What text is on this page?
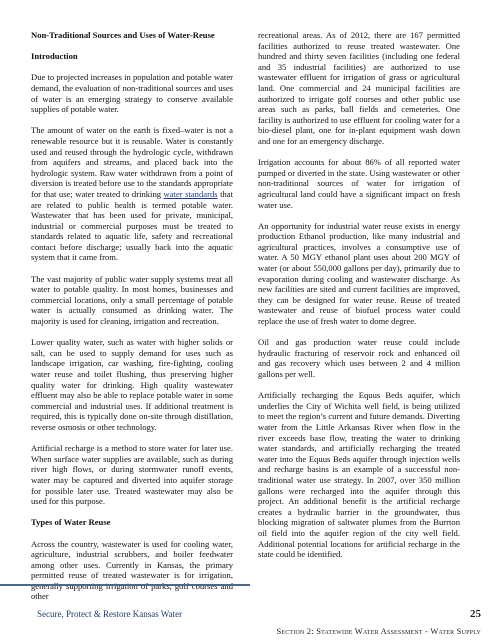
Non-Traditional Sources and Uses of Water-Reuse
Introduction

Due to projected increases in population and potable water demand, the evaluation of non-traditional sources and uses of water is an emerging strategy to conserve available supplies of potable water.

The amount of water on the earth is fixed–water is not a renewable resource but it is reusable. Water is constantly used and reused through the hydrologic cycle, withdrawn from aquifers and streams, and placed back into the hydrologic system. Raw water withdrawn from a point of diversion is treated before use to the standards appropriate for that use; water treated to drinking water standards that are related to public health is termed potable water. Wastewater that has been used for private, municipal, industrial or commercial purposes must be treated to standards related to aquatic life, safety and recreational contact before discharge; usually back into the aquatic system that it came from.

The vast majority of public water supply systems treat all water to potable quality. In most homes, businesses and commercial locations, only a small percentage of potable water is actually consumed as drinking water. The majority is used for cleaning, irrigation and recreation.

Lower quality water, such as water with higher solids or salt, can be used to supply demand for uses such as landscape irrigation, car washing, fire-fighting, cooling water reuse and toilet flushing, thus preserving higher quality water for drinking. High quality wastewater effluent may also be able to replace potable water in some commercial and industrial uses. If additional treatment is required, this is typically done on-site through distillation, reverse osmosis or other technology.

Artificial recharge is a method to store water for later use. When surface water supplies are available, such as during river high flows, or during stormwater runoff events, water may be captured and diverted into aquifer storage for possible later use. Treated wastewater may also be used for this purpose.

Types of Water Reuse

Across the country, wastewater is used for cooling water, agriculture, industrial scrubbers, and boiler feedwater among other uses. Currently in Kansas, the primary permitted reuse of treated wastewater is for irrigation, generally supporting irrigation of parks, golf courses and other

recreational areas. As of 2012, there are 167 permitted facilities authorized to reuse treated wastewater. One hundred and thirty seven facilities (including one federal and 35 industrial facilities) are authorized to use wastewater effluent for irrigation of grass or agricultural land. One commercial and 24 municipal facilities are authorized to irrigate golf courses and other public use areas such as parks, ball fields and cemeteries. One facility is authorized to use effluent for cooling water for a bio-diesel plant, one for in-plant equipment wash down and one for an emergency discharge.

Irrigation accounts for about 86% of all reported water pumped or diverted in the state. Using wastewater or other non-traditional sources of water for irrigation of agricultural land could have a significant impact on fresh water use.

An opportunity for industrial water reuse exists in energy production Ethanol production, like many industrial and agricultural practices, involves a consumptive use of water. A 50 MGY ethanol plant uses about 200 MGY of water (or about 550,000 gallons per day), primarily due to evaporation during cooling and wastewater discharge. As new facilities are sited and current facilities are improved, they can be designed for water reuse. Reuse of treated wastewater and reuse of biofuel process water could replace the use of fresh water to dome degree.

Oil and gas production water reuse could include hydraulic fracturing of reservoir rock and enhanced oil and gas recovery which uses between 2 and 4 million gallons per well.

Artificially recharging the Equus Beds aquifer, which underlies the City of Wichita well field, is being utilized to meet the region’s current and future demands. Diverting water from the Little Arkansas River when flow in the river exceeds base flow, treating the water to drinking water standards, and artificially recharging the treated water into the Equus Beds aquifer through injection wells and recharge basins is an example of a successful non-traditional water use strategy. In 2007, over 350 million gallons were recharged into the aquifer through this project. An additional benefit is the artificial recharge creates a hydraulic barrier in the groundwater, thus blocking migration of saltwater plumes from the Burrton oil field into the aquifer region of the city well field. Additional potential locations for artificial recharge in the state could be identified.

Secure, Protect & Restore Kansas Water	25
Section 2: Statewide Water Assessment - Water Supply
